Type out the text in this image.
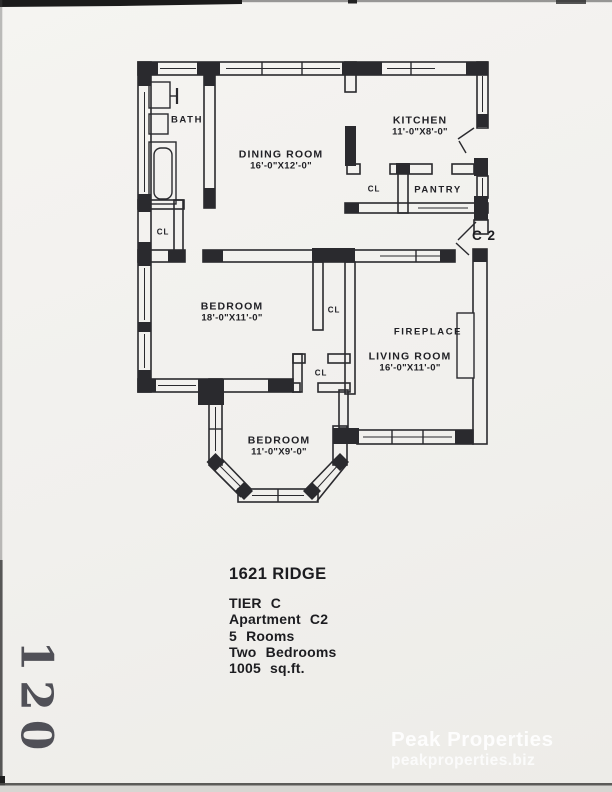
BATH
CL
DINING ROOM
16'-0"X12'-0"
KITCHEN
11'-0"X8'-0"
CL	PANTRY
C 2
BEDROOM
18'-0"X11'-0"
CL
CL
FIREPLACE
LIVING ROOM
16'-0"X11'-0"
BEDROOM
11'-0"X9'-0"
1621 RIDGE
TIER C
Apartment C2
5 Rooms
Two Bedrooms
1005 sq.ft.
120	Peak Properties
peakproperties.biz
